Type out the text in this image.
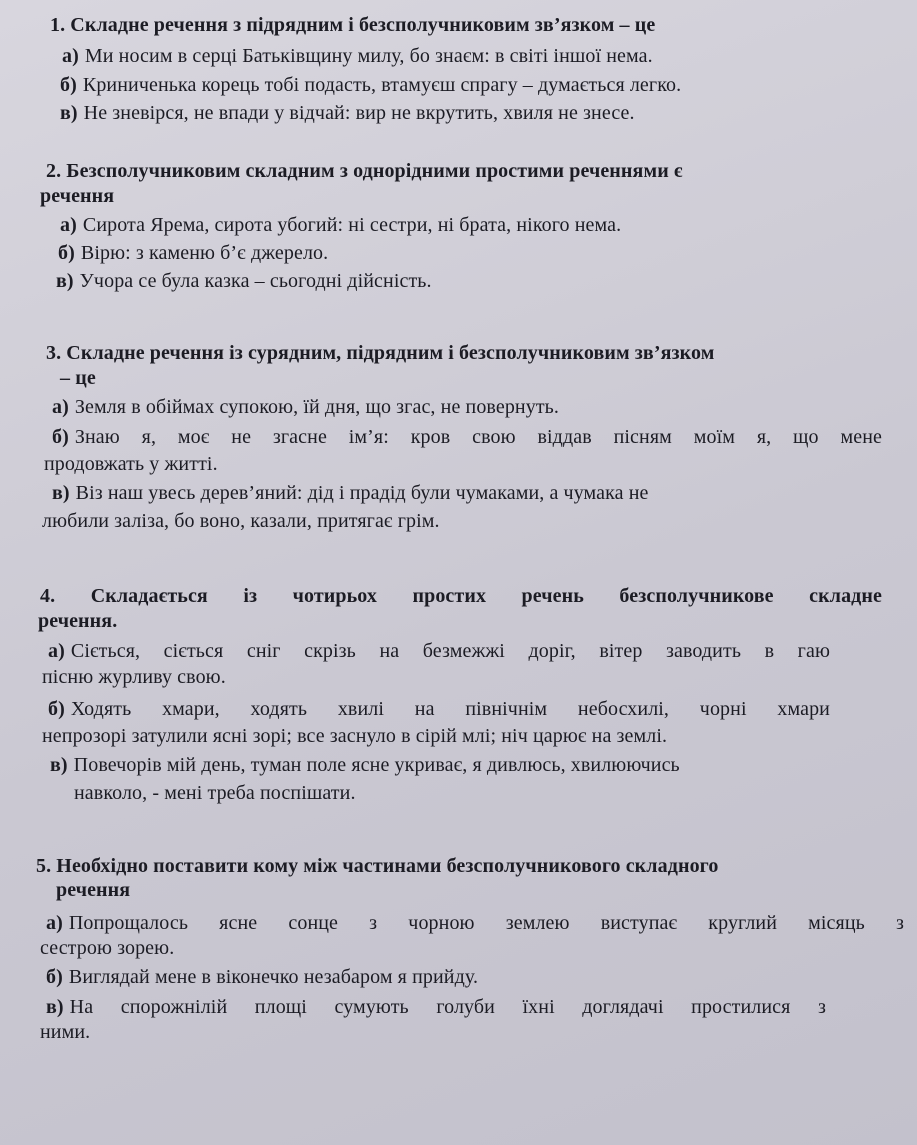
1. Складне речення з підрядним і безсполучниковим зв’язком – це
а) Ми носим в серці Батьківщину милу, бо знаєм: в світі іншої нема.
б) Криниченька корець тобі подасть, втамуєш спрагу – думається легко.
в) Не зневірся, не впади у відчай: вир не вкрутить, хвиля не знесе.
2. Безсполучниковим складним з однорідними простими реченнями є
речення
а) Сирота Ярема, сирота убогий: ні сестри, ні брата, нікого нема.
б) Вірю: з каменю б’є джерело.
в) Учора се була казка – сьогодні дійсність.
3. Складне речення із сурядним, підрядним і безсполучниковим зв’язком
– це
а) Земля в обіймах супокою, їй дня, що згас, не повернуть.
б) Знаю я, моє не згасне ім’я: кров свою віддав пісням моїм я, що мене
продовжать у житті.
в) Віз наш увесь дерев’яний: дід і прадід були чумаками, а чумака не
любили заліза, бо воно, казали, притягає грім.
4. Складається із чотирьох простих речень безсполучникове складне
речення.
а) Сіється, сіється сніг скрізь на безмежжі доріг, вітер заводить в гаю
пісню журливу свою.
б) Ходять хмари, ходять хвилі на північнім небосхилі, чорні хмари
непрозорі затулили ясні зорі; все заснуло в сірій млі; ніч царює на землі.
в) Повечорів мій день, туман поле ясне укриває, я дивлюсь, хвилюючись
навколо, - мені треба поспішати.
5. Необхідно поставити кому між частинами безсполучникового складного
речення
а) Попрощалось ясне сонце з чорною землею виступає круглий місяць з
сестрою зорею.
б) Виглядай мене в віконечко незабаром я прийду.
в) На спорожнілій площі сумують голуби їхні доглядачі простилися з
ними.
